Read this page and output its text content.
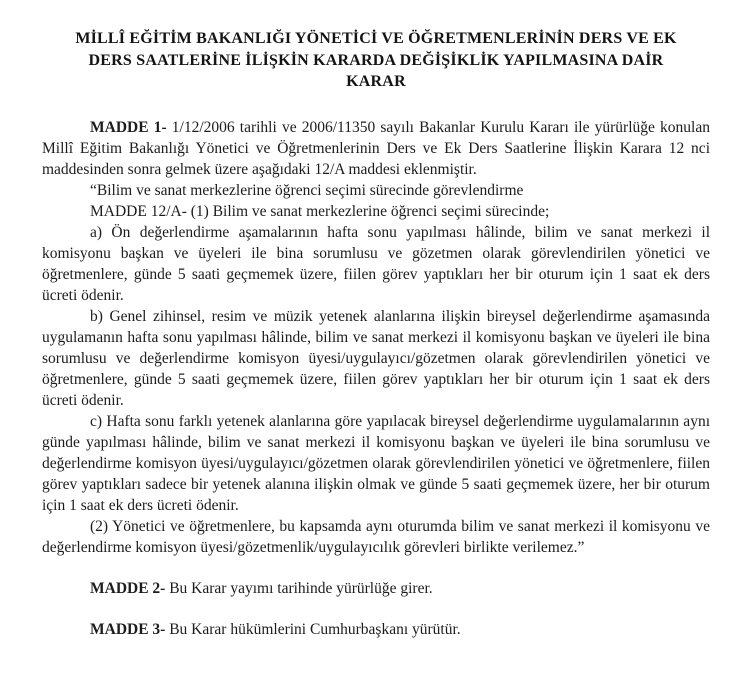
MİLLÎ EĞİTİM BAKANLIĞI YÖNETİCİ VE ÖĞRETMENLERİNİN DERS VE EK
DERS SAATLERİNE İLİŞKİN KARARDA DEĞİŞİKLİK YAPILMASINA DAİR
KARAR

MADDE 1- 1/12/2006 tarihli ve 2006/11350 sayılı Bakanlar Kurulu Kararı ile yürürlüğe konulan Millî Eğitim Bakanlığı Yönetici ve Öğretmenlerinin Ders ve Ek Ders Saatlerine İlişkin Karara 12 nci maddesinden sonra gelmek üzere aşağıdaki 12/A maddesi eklenmiştir.

“Bilim ve sanat merkezlerine öğrenci seçimi sürecinde görevlendirme

MADDE 12/A- (1) Bilim ve sanat merkezlerine öğrenci seçimi sürecinde;

a) Ön değerlendirme aşamalarının hafta sonu yapılması hâlinde, bilim ve sanat merkezi il komisyonu başkan ve üyeleri ile bina sorumlusu ve gözetmen olarak görevlendirilen yönetici ve öğretmenlere, günde 5 saati geçmemek üzere, fiilen görev yaptıkları her bir oturum için 1 saat ek ders ücreti ödenir.

b) Genel zihinsel, resim ve müzik yetenek alanlarına ilişkin bireysel değerlendirme aşamasında uygulamanın hafta sonu yapılması hâlinde, bilim ve sanat merkezi il komisyonu başkan ve üyeleri ile bina sorumlusu ve değerlendirme komisyon üyesi/uygulayıcı/gözetmen olarak görevlendirilen yönetici ve öğretmenlere, günde 5 saati geçmemek üzere, fiilen görev yaptıkları her bir oturum için 1 saat ek ders ücreti ödenir.

c) Hafta sonu farklı yetenek alanlarına göre yapılacak bireysel değerlendirme uygulamalarının aynı günde yapılması hâlinde, bilim ve sanat merkezi il komisyonu başkan ve üyeleri ile bina sorumlusu ve değerlendirme komisyon üyesi/uygulayıcı/gözetmen olarak görevlendirilen yönetici ve öğretmenlere, fiilen görev yaptıkları sadece bir yetenek alanına ilişkin olmak ve günde 5 saati geçmemek üzere, her bir oturum için 1 saat ek ders ücreti ödenir.

(2) Yönetici ve öğretmenlere, bu kapsamda aynı oturumda bilim ve sanat merkezi il komisyonu ve değerlendirme komisyon üyesi/gözetmenlik/uygulayıcılık görevleri birlikte verilemez.”

MADDE 2- Bu Karar yayımı tarihinde yürürlüğe girer.

MADDE 3- Bu Karar hükümlerini Cumhurbaşkanı yürütür.
